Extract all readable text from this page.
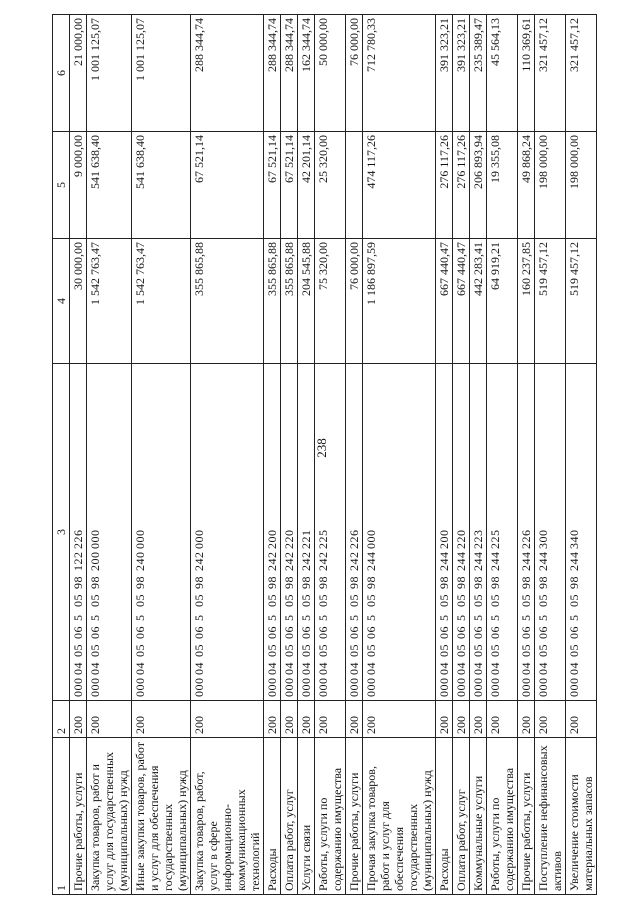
238
1	2	3	4	5	6
Прочие работы, услуги	200	00004050650598122226	30 000,00	9 000,00	21 000,00
Закупка товаров, работ и услуг для государственных (муниципальных) нужд	200	00004050650598200000	1 542 763,47	541 638,40	1 001 125,07
Иные закупки товаров, работ и услуг для обеспечения государственных (муниципальных) нужд	200	00004050650598240000	1 542 763,47	541 638,40	1 001 125,07
Закупка товаров, работ, услуг в сфере информационно-коммуникационных технологий	200	00004050650598242000	355 865,88	67 521,14	288 344,74
Расходы	200	00004050650598242200	355 865,88	67 521,14	288 344,74
Оплата работ, услуг	200	00004050650598242220	355 865,88	67 521,14	288 344,74
Услуги связи	200	00004050650598242221	204 545,88	42 201,14	162 344,74
Работы, услуги по содержанию имущества	200	00004050650598242225	75 320,00	25 320,00	50 000,00
Прочие работы, услуги	200	00004050650598242226	76 000,00		76 000,00
Прочая закупка товаров, работ и услуг для обеспечения государственных (муниципальных) нужд	200	00004050650598244000	1 186 897,59	474 117,26	712 780,33
Расходы	200	00004050650598244200	667 440,47	276 117,26	391 323,21
Оплата работ, услуг	200	00004050650598244220	667 440,47	276 117,26	391 323,21
Коммунальные услуги	200	00004050650598244223	442 283,41	206 893,94	235 389,47
Работы, услуги по содержанию имущества	200	00004050650598244225	64 919,21	19 355,08	45 564,13
Прочие работы, услуги	200	00004050650598244226	160 237,85	49 868,24	110 369,61
Поступление нефинансовых активов	200	00004050650598244300	519 457,12	198 000,00	321 457,12
Увеличение стоимости материальных запасов	200	00004050650598244340	519 457,12	198 000,00	321 457,12
